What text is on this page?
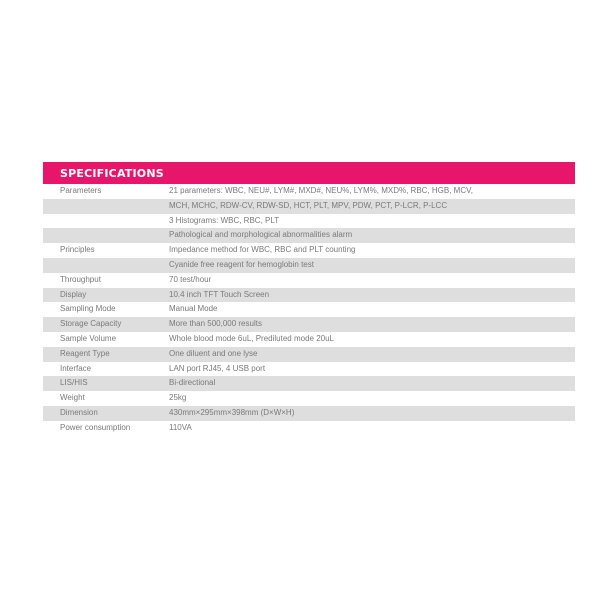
SPECIFICATIONS
Parameters	21 parameters: WBC, NEU#, LYM#, MXD#, NEU%, LYM%, MXD%, RBC, HGB, MCV,
	MCH, MCHC, RDW-CV, RDW-SD, HCT, PLT, MPV, PDW, PCT, P-LCR, P-LCC
	3 Histograms: WBC, RBC, PLT
	Pathological and morphological abnormalities alarm
Principles	Impedance method for WBC, RBC and PLT counting
	Cyanide free reagent for hemoglobin test
Throughput	70 test/hour
Display	10.4 inch TFT Touch Screen
Sampling Mode	Manual Mode
Storage Capacity	More than 500,000 results
Sample Volume	Whole blood mode 6uL, Prediluted mode 20uL
Reagent Type	One diluent and one lyse
Interface	LAN port RJ45, 4 USB port
LIS/HIS	Bi-directional
Weight	25kg
Dimension	430mm×295mm×398mm (D×W×H)
Power consumption	110VA
